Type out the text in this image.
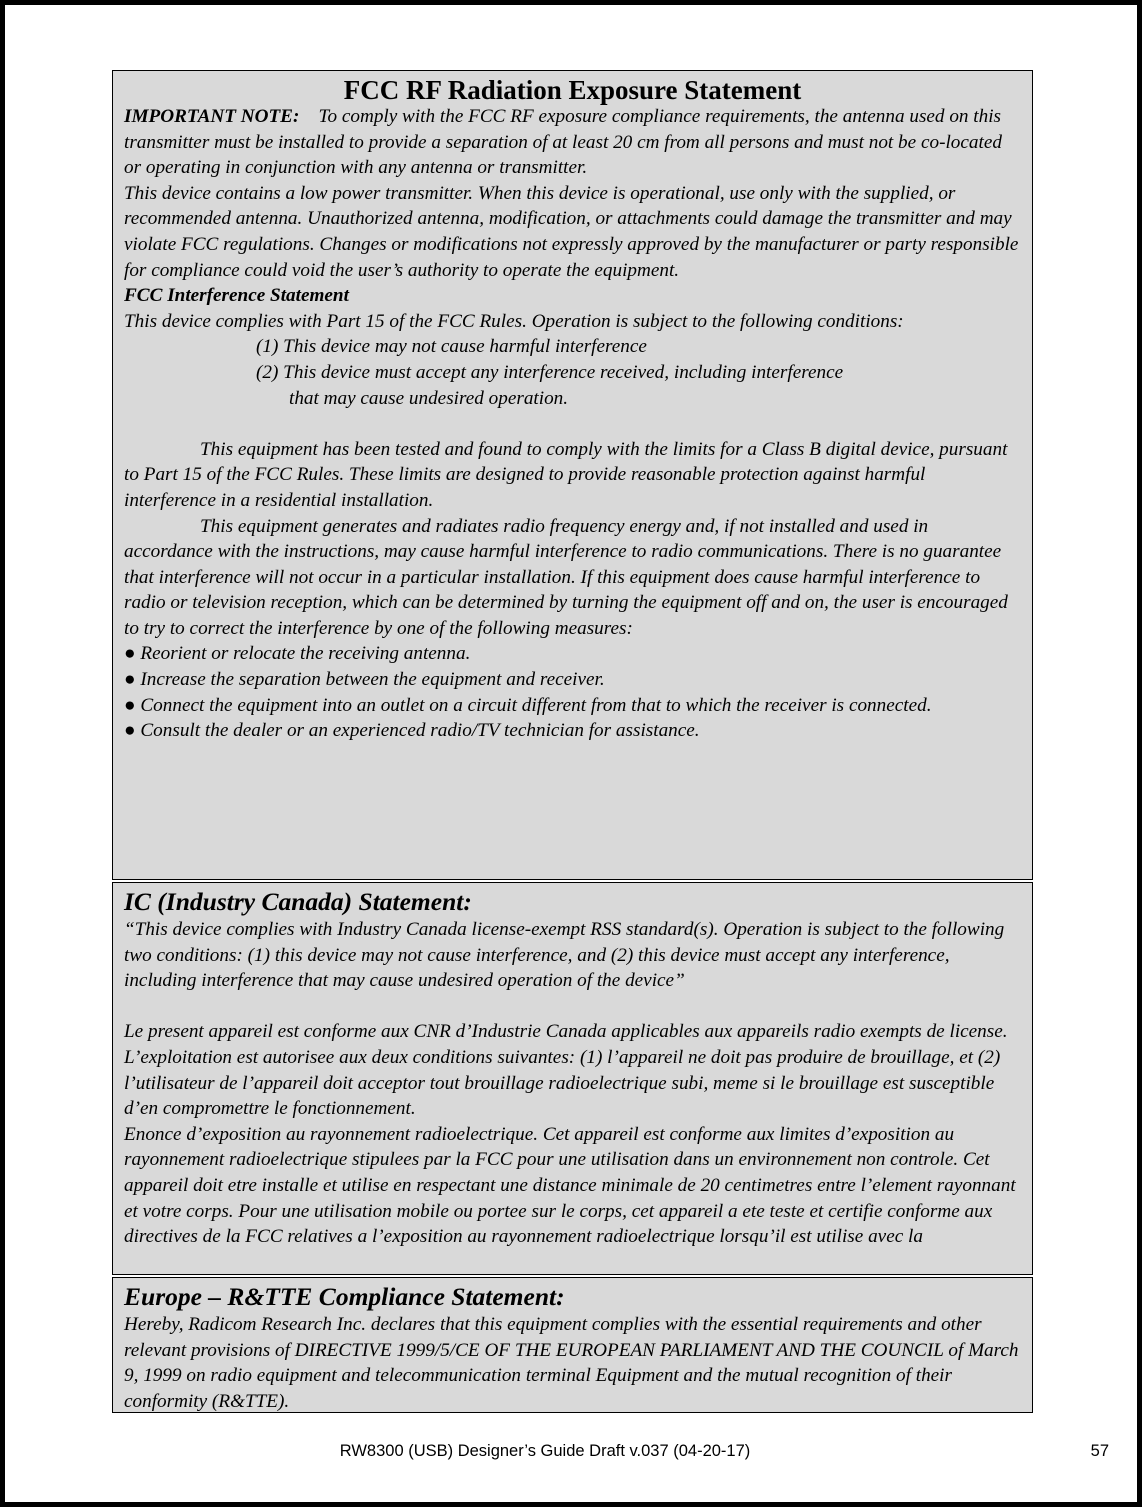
FCC RF Radiation Exposure Statement

IMPORTANT NOTE: To comply with the FCC RF exposure compliance requirements, the antenna used on this transmitter must be installed to provide a separation of at least 20 cm from all persons and must not be co-located or operating in conjunction with any antenna or transmitter.

This device contains a low power transmitter. When this device is operational, use only with the supplied, or recommended antenna. Unauthorized antenna, modification, or attachments could damage the transmitter and may violate FCC regulations. Changes or modifications not expressly approved by the manufacturer or party responsible for compliance could void the user’s authority to operate the equipment.

FCC Interference Statement

This device complies with Part 15 of the FCC Rules. Operation is subject to the following conditions:

(1) This device may not cause harmful interference

(2) This device must accept any interference received, including interference

that may cause undesired operation.

This equipment has been tested and found to comply with the limits for a Class B digital device, pursuant to Part 15 of the FCC Rules. These limits are designed to provide reasonable protection against harmful interference in a residential installation.

This equipment generates and radiates radio frequency energy and, if not installed and used in accordance with the instructions, may cause harmful interference to radio communications. There is no guarantee that interference will not occur in a particular installation. If this equipment does cause harmful interference to radio or television reception, which can be determined by turning the equipment off and on, the user is encouraged to try to correct the interference by one of the following measures:

● Reorient or relocate the receiving antenna.

● Increase the separation between the equipment and receiver.

● Connect the equipment into an outlet on a circuit different from that to which the receiver is connected.

● Consult the dealer or an experienced radio/TV technician for assistance.

IC (Industry Canada) Statement:

“This device complies with Industry Canada license-exempt RSS standard(s). Operation is subject to the following two conditions: (1) this device may not cause interference, and (2) this device must accept any interference, including interference that may cause undesired operation of the device”

Le present appareil est conforme aux CNR d’Industrie Canada applicables aux appareils radio exempts de license. L’exploitation est autorisee aux deux conditions suivantes: (1) l’appareil ne doit pas produire de brouillage, et (2) l’utilisateur de l’appareil doit acceptor tout brouillage radioelectrique subi, meme si le brouillage est susceptible d’en compromettre le fonctionnement.

Enonce d’exposition au rayonnement radioelectrique. Cet appareil est conforme aux limites d’exposition au rayonnement radioelectrique stipulees par la FCC pour une utilisation dans un environnement non controle. Cet appareil doit etre installe et utilise en respectant une distance minimale de 20 centimetres entre l’element rayonnant et votre corps. Pour une utilisation mobile ou portee sur le corps, cet appareil a ete teste et certifie conforme aux directives de la FCC relatives a l’exposition au rayonnement radioelectrique lorsqu’il est utilise avec la

Europe – R&TTE Compliance Statement:

Hereby, Radicom Research Inc. declares that this equipment complies with the essential requirements and other relevant provisions of DIRECTIVE 1999/5/CE OF THE EUROPEAN PARLIAMENT AND THE COUNCIL of March 9, 1999 on radio equipment and telecommunication terminal Equipment and the mutual recognition of their conformity (R&TTE).

RW8300 (USB) Designer’s Guide Draft v.037 (04-20-17)	57
